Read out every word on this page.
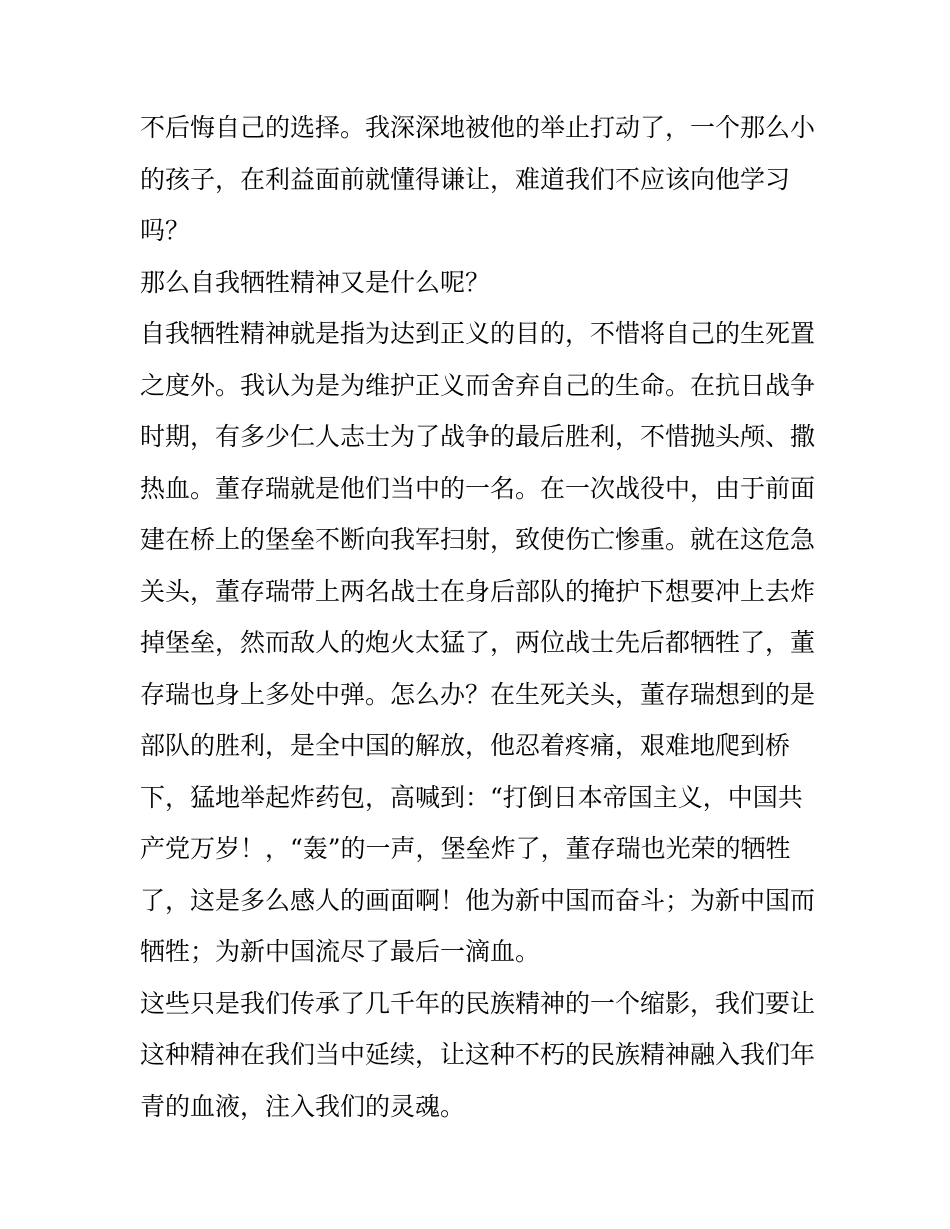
不后悔自己的选择。我深深地被他的举止打动了，一个那么小
的孩子，在利益面前就懂得谦让，难道我们不应该向他学习
吗？
那么自我牺牲精神又是什么呢？
自我牺牲精神就是指为达到正义的目的，不惜将自己的生死置
之度外。我认为是为维护正义而舍弃自己的生命。在抗日战争
时期，有多少仁人志士为了战争的最后胜利，不惜抛头颅、撒
热血。董存瑞就是他们当中的一名。在一次战役中，由于前面
建在桥上的堡垒不断向我军扫射，致使伤亡惨重。就在这危急
关头，董存瑞带上两名战士在身后部队的掩护下想要冲上去炸
掉堡垒，然而敌人的炮火太猛了，两位战士先后都牺牲了，董
存瑞也身上多处中弹。怎么办？在生死关头，董存瑞想到的是
部队的胜利，是全中国的解放，他忍着疼痛，艰难地爬到桥
下，猛地举起炸药包，高喊到：“打倒日本帝国主义，中国共
产党万岁！，“轰”的一声，堡垒炸了，董存瑞也光荣的牺牲
了，这是多么感人的画面啊！他为新中国而奋斗；为新中国而
牺牲；为新中国流尽了最后一滴血。
这些只是我们传承了几千年的民族精神的一个缩影，我们要让
这种精神在我们当中延续，让这种不朽的民族精神融入我们年
青的血液，注入我们的灵魂。
